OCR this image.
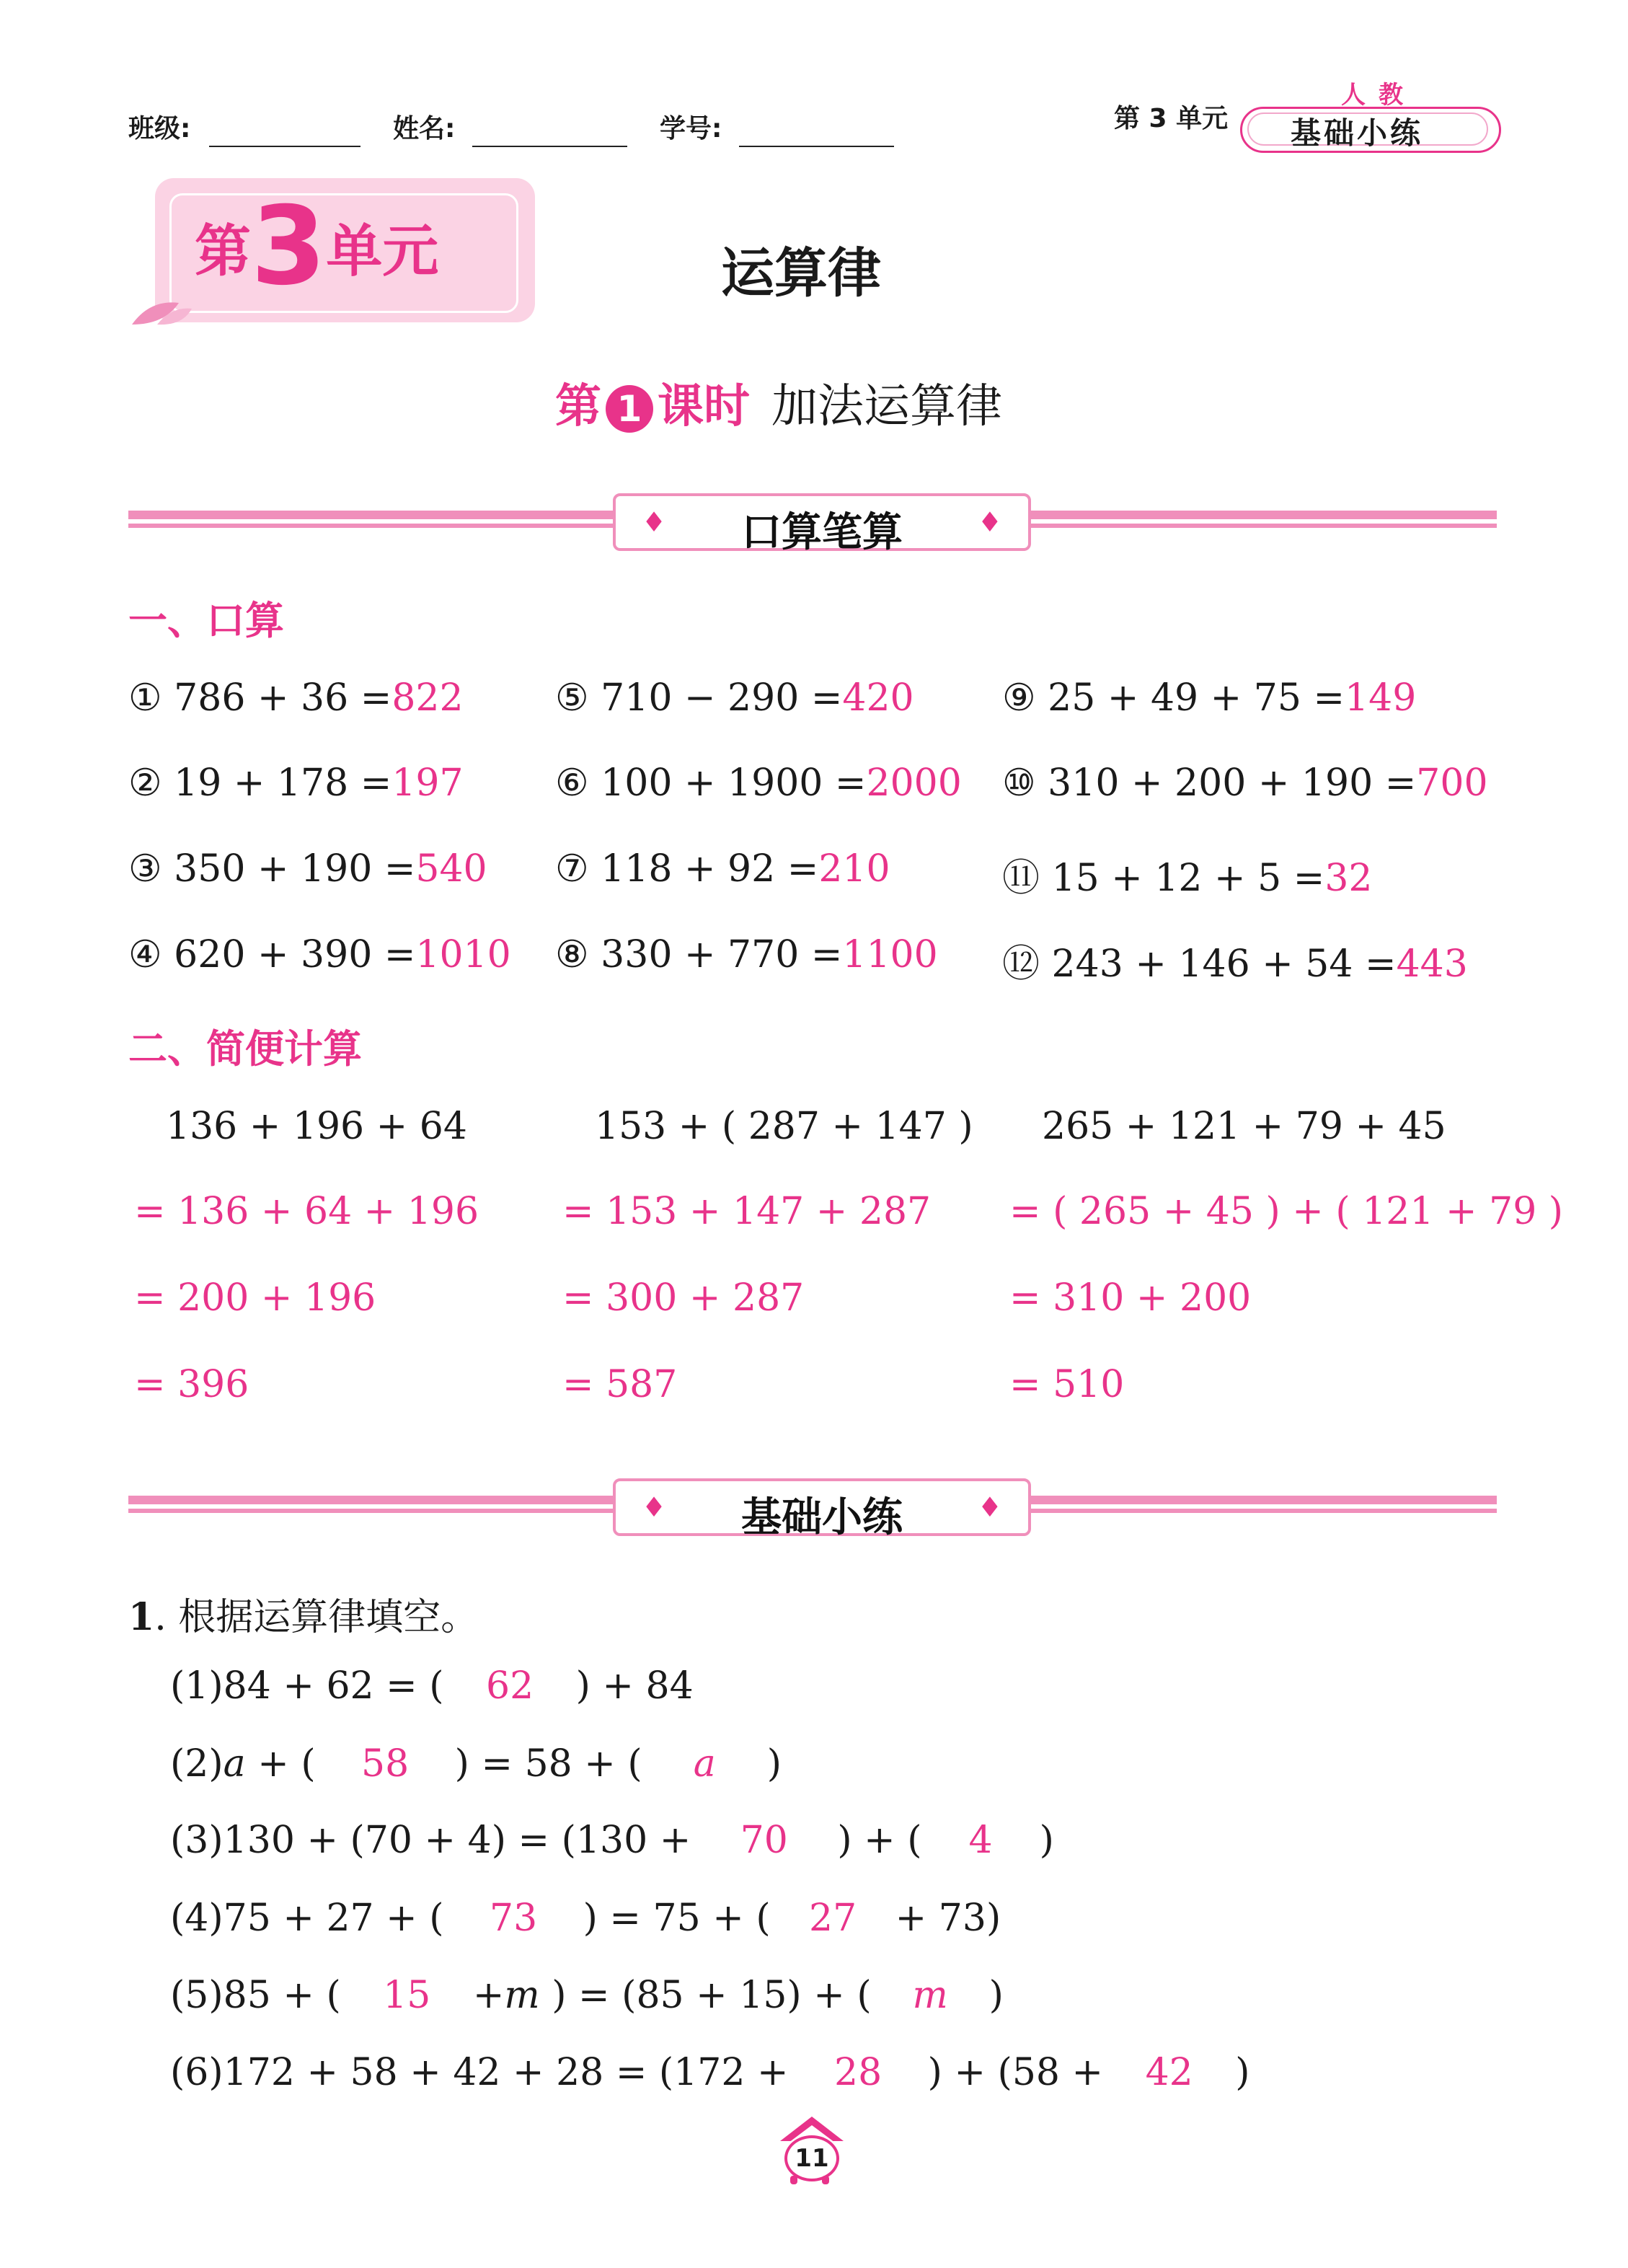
班级:	姓名:	学号:	第 3 单元
人教
基础小练
第3单元	运算律
第 1 课时 加法运算律
♦	口算笔算	♦
一、口算
① 786 + 36 =822
② 19 + 178 =197
③ 350 + 190 =540
④ 620 + 390 =1010
⑤ 710 − 290 =420
⑥ 100 + 1900 =2000
⑦ 118 + 92 =210
⑧ 330 + 770 =1100
⑨ 25 + 49 + 75 =149
⑩ 310 + 200 + 190 =700
⑪ 15 + 12 + 5 =32
⑫ 243 + 146 + 54 =443
二、简便计算
136 + 196 + 64
= 136 + 64 + 196
= 200 + 196
= 396
153 + ( 287 + 147 )
= 153 + 147 + 287
= 300 + 287
= 587
265 + 121 + 79 + 45
= ( 265 + 45 ) + ( 121 + 79 )
= 310 + 200
= 510
♦	基础小练	♦
1. 根据运算律填空。
(1)84 + 62 = ( 62 ) + 84
(2)a + ( 58 ) = 58 + ( a )
(3)130 + (70 + 4) = (130 + 70 ) + ( 4 )
(4)75 + 27 + ( 73 ) = 75 + ( 27 + 73)
(5)85 + ( 15 +m ) = (85 + 15) + ( m )
(6)172 + 58 + 42 + 28 = (172 + 28 ) + (58 + 42 )
11
